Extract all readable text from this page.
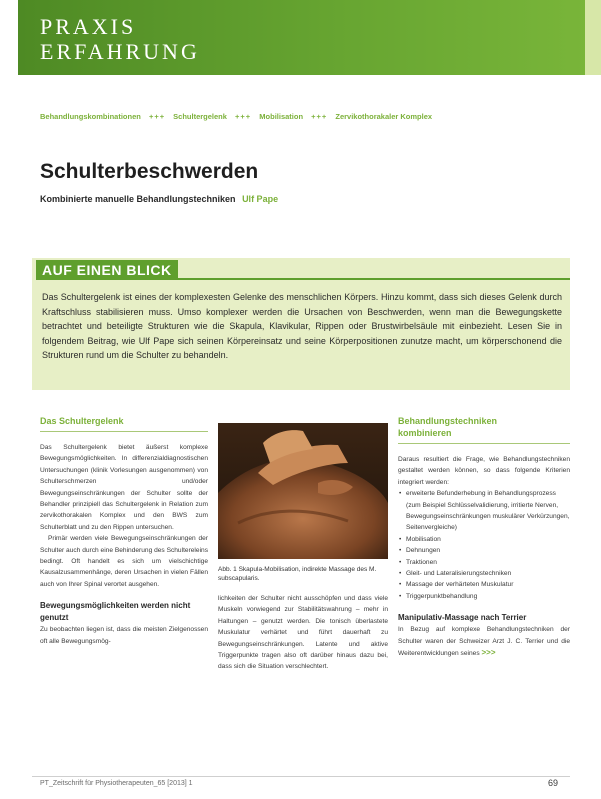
PRAXIS
ERFAHRUNG
Behandlungskombinationen +++ Schultergelenk +++ Mobilisation +++ Zervikothorakaler Komplex
Schulterbeschwerden
Kombinierte manuelle Behandlungstechniken Ulf Pape
AUF EINEN BLICK
Das Schultergelenk ist eines der komplexesten Gelenke des menschlichen Körpers. Hinzu kommt, dass sich dieses Gelenk durch Kraftschluss stabilisieren muss. Umso komplexer werden die Ursachen von Beschwerden, wenn man die Bewegungskette betrachtet und beteiligte Strukturen wie die Skapula, Klavikular, Rippen oder Brustwirbelsäule mit einbezieht. Lesen Sie in folgendem Beitrag, wie Ulf Pape sich seinen Körpereinsatz und seine Körperpositionen zunutze macht, um körperschonend die Strukturen rund um die Schulter zu behandeln.
Das Schultergelenk
Das Schultergelenk bietet äußerst komplexe Bewegungsmöglichkeiten. In differenzialdiagnostischen Untersuchungen (klinik Vorlesungen ausgenommen) von Schulterschmerzen und/oder Bewegungseinschränkungen der Schulter sollte der Behandler prinzipiell das Schultergelenk in Relation zum zervikothorakalen Komplex und den BWS zum Schulterblatt und zu den Rippen untersuchen.
Primär werden viele Bewegungseinschränkungen der Schulter auch durch eine Behinderung des Schultereleins bedingt. Oft handelt es sich um vielschichtige Kausalzusammenhänge, deren Ursachen in vielen Fällen auch von Ihrer Spinal verortet ausgehen.
Bewegungsmöglichkeiten werden nicht genutzt
Zu beobachten liegen ist, dass die meisten Zielgenossen oft alle Bewegungsmög-
Abb. 1 Skapula-Mobilisation, indirekte Massage des M. subscapularis.
lichkeiten der Schulter nicht ausschöpfen und dass viele Muskeln vorwiegend zur Stabilitätswahrung – mehr in Haltungen – genutzt werden. Die tonisch überlastete Muskulatur verhärtet und führt dauerhaft zu Bewegungseinschränkungen. Latente und aktive Triggerpunkte tragen also oft darüber hinaus dazu bei, dass sich die Situation verschlechtert.
Behandlungstechniken
kombinieren
Daraus resultiert die Frage, wie Behandlungstechniken gestaltet werden können, so dass folgende Kriterien integriert werden:
• erweiterte Befunderhebung in Behandlungsprozess (zum Beispiel Schlüsselvalidierung, irritierte Nerven, Bewegungseinschränkungen muskulärer Verkürzungen, Seitenvergleiche)
• Mobilisation
• Dehnungen
• Traktionen
• Gleit- und Lateralisierungstechniken
• Massage der verhärteten Muskulatur
• Triggerpunktbehandlung
Manipulativ-Massage nach Terrier
In Bezug auf komplexe Behandlungstechniken der Schulter waren der Schweizer Arzt J. C. Terrier und die Weiterentwicklungen seines >>>
PT_Zeitschrift für Physiotherapeuten_65 [2013] 1	69
